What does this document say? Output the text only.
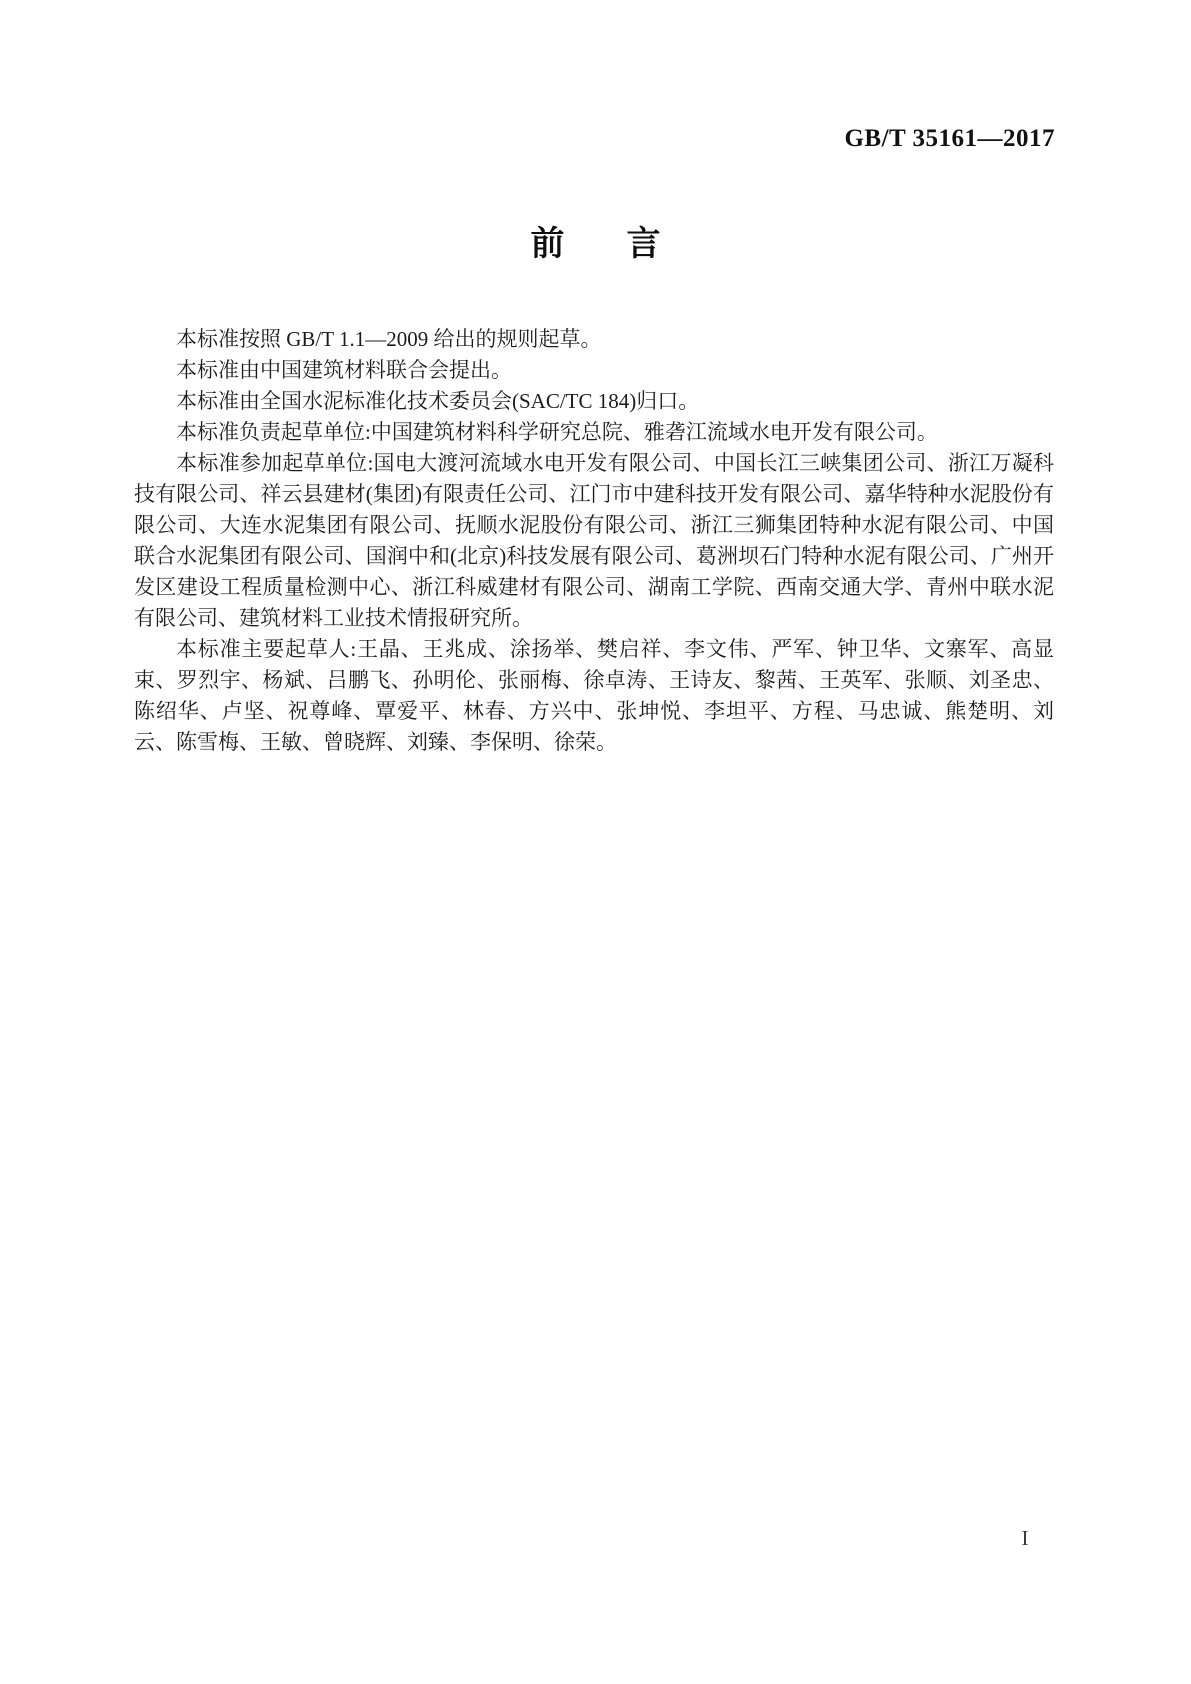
GB/T 35161—2017
前 言

本标准按照 GB/T 1.1—2009 给出的规则起草。

本标准由中国建筑材料联合会提出。

本标准由全国水泥标准化技术委员会(SAC/TC 184)归口。

本标准负责起草单位:中国建筑材料科学研究总院、雅砻江流域水电开发有限公司。

本标准参加起草单位:国电大渡河流域水电开发有限公司、中国长江三峡集团公司、浙江万凝科技有限公司、祥云县建材(集团)有限责任公司、江门市中建科技开发有限公司、嘉华特种水泥股份有限公司、大连水泥集团有限公司、抚顺水泥股份有限公司、浙江三狮集团特种水泥有限公司、中国联合水泥集团有限公司、国润中和(北京)科技发展有限公司、葛洲坝石门特种水泥有限公司、广州开发区建设工程质量检测中心、浙江科威建材有限公司、湖南工学院、西南交通大学、青州中联水泥有限公司、建筑材料工业技术情报研究所。

本标准主要起草人:王晶、王兆成、涂扬举、樊启祥、李文伟、严军、钟卫华、文寨军、高显束、罗烈宇、杨斌、吕鹏飞、孙明伦、张丽梅、徐卓涛、王诗友、黎茜、王英军、张顺、刘圣忠、陈绍华、卢坚、祝尊峰、覃爱平、林春、方兴中、张坤悦、李坦平、方程、马忠诚、熊楚明、刘云、陈雪梅、王敏、曾晓辉、刘臻、李保明、徐荣。

I
